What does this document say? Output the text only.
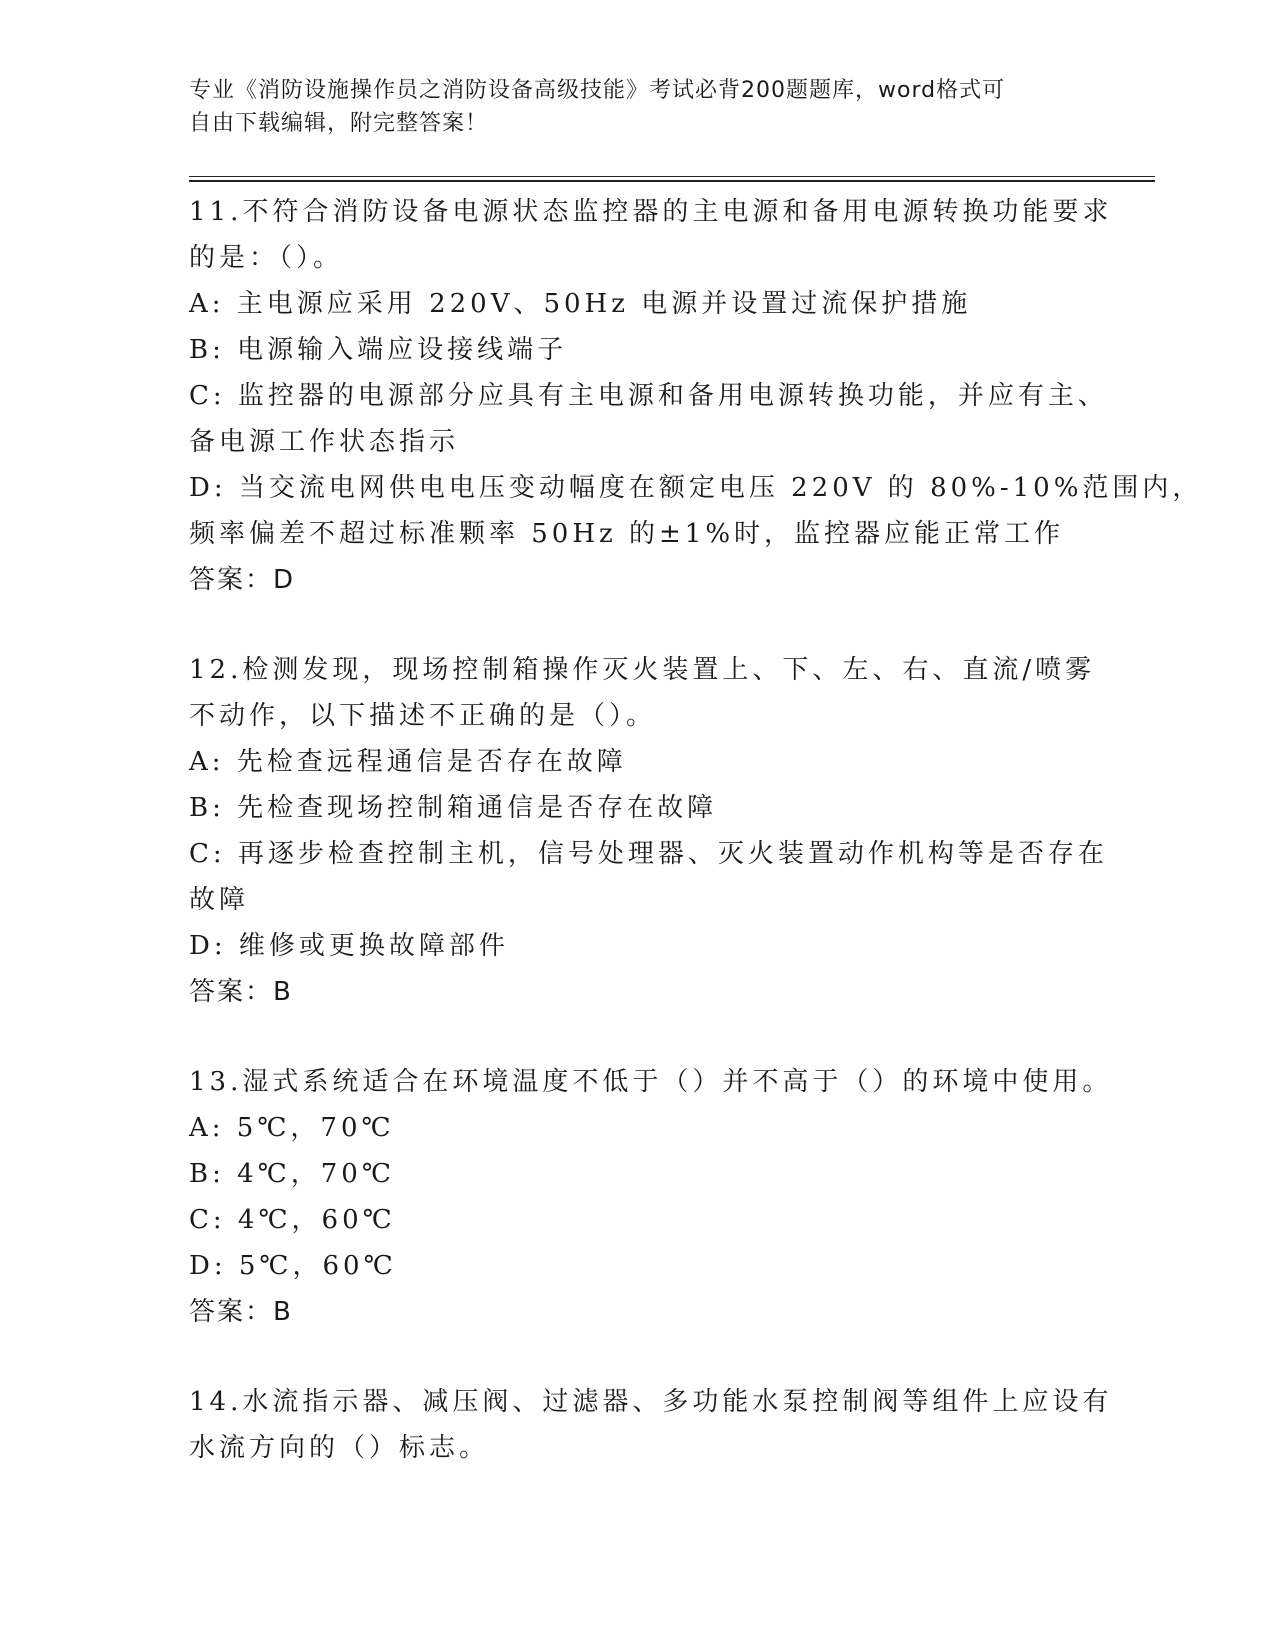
专业《消防设施操作员之消防设备高级技能》考试必背200题题库，word格式可
自由下载编辑，附完整答案！

11.不符合消防设备电源状态监控器的主电源和备用电源转换功能要求

的是：（）。

A: 主电源应采用 220V、50Hz 电源并设置过流保护措施

B: 电源输入端应设接线端子

C: 监控器的电源部分应具有主电源和备用电源转换功能，并应有主、

备电源工作状态指示

D: 当交流电网供电电压变动幅度在额定电压 220V 的 80%-10%范围内，

频率偏差不超过标准颗率 50Hz 的±1%时，监控器应能正常工作

答案：D

12.检测发现，现场控制箱操作灭火装置上、下、左、右、直流/喷雾

不动作，以下描述不正确的是（）。

A: 先检查远程通信是否存在故障

B: 先检查现场控制箱通信是否存在故障

C: 再逐步检查控制主机，信号处理器、灭火装置动作机构等是否存在

故障

D: 维修或更换故障部件

答案：B

13.湿式系统适合在环境温度不低于（）并不高于（）的环境中使用。

A: 5℃，70℃

B: 4℃，70℃

C: 4℃，60℃

D: 5℃，60℃

答案：B

14.水流指示器、减压阀、过滤器、多功能水泵控制阀等组件上应设有

水流方向的（）标志。
